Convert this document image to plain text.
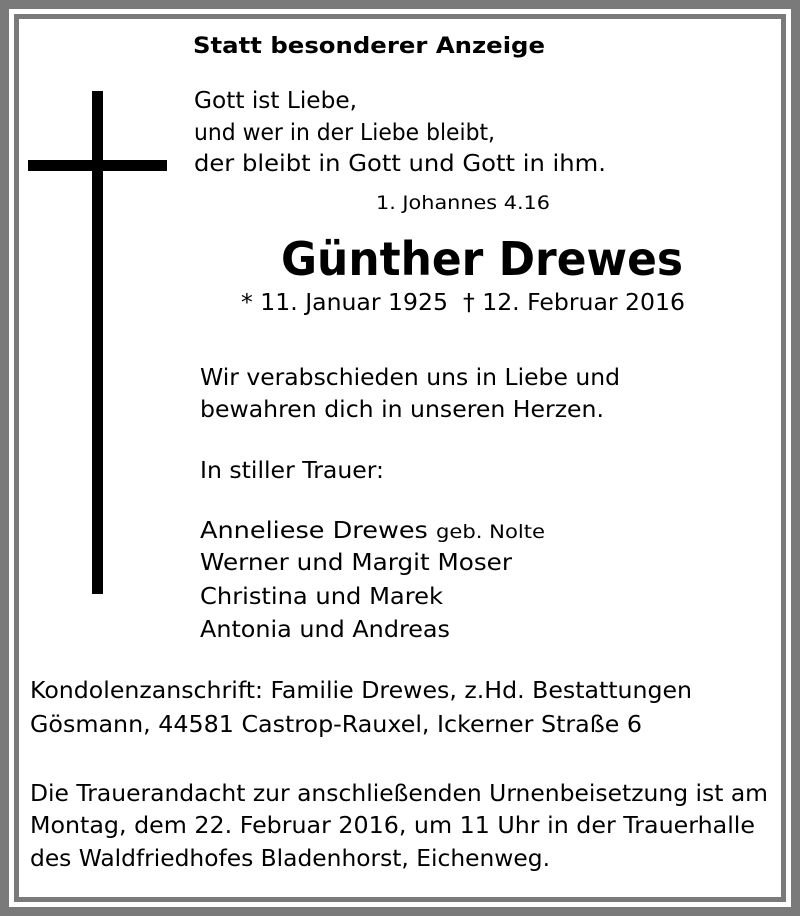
Statt besonderer Anzeige
Gott ist Liebe,
und wer in der Liebe bleibt,
der bleibt in Gott und Gott in ihm.
1. Johannes 4.16
Günther Drewes
* 11. Januar 1925 † 12. Februar 2016
Wir verabschieden uns in Liebe und
bewahren dich in unseren Herzen.
In stiller Trauer:
Anneliese Drewes geb. Nolte
Werner und Margit Moser
Christina und Marek
Antonia und Andreas
Kondolenzanschrift: Familie Drewes, z.Hd. Bestattungen
Gösmann, 44581 Castrop-Rauxel, Ickerner Straße 6
Die Trauerandacht zur anschließenden Urnenbeisetzung ist am
Montag, dem 22. Februar 2016, um 11 Uhr in der Trauerhalle
des Waldfriedhofes Bladenhorst, Eichenweg.
